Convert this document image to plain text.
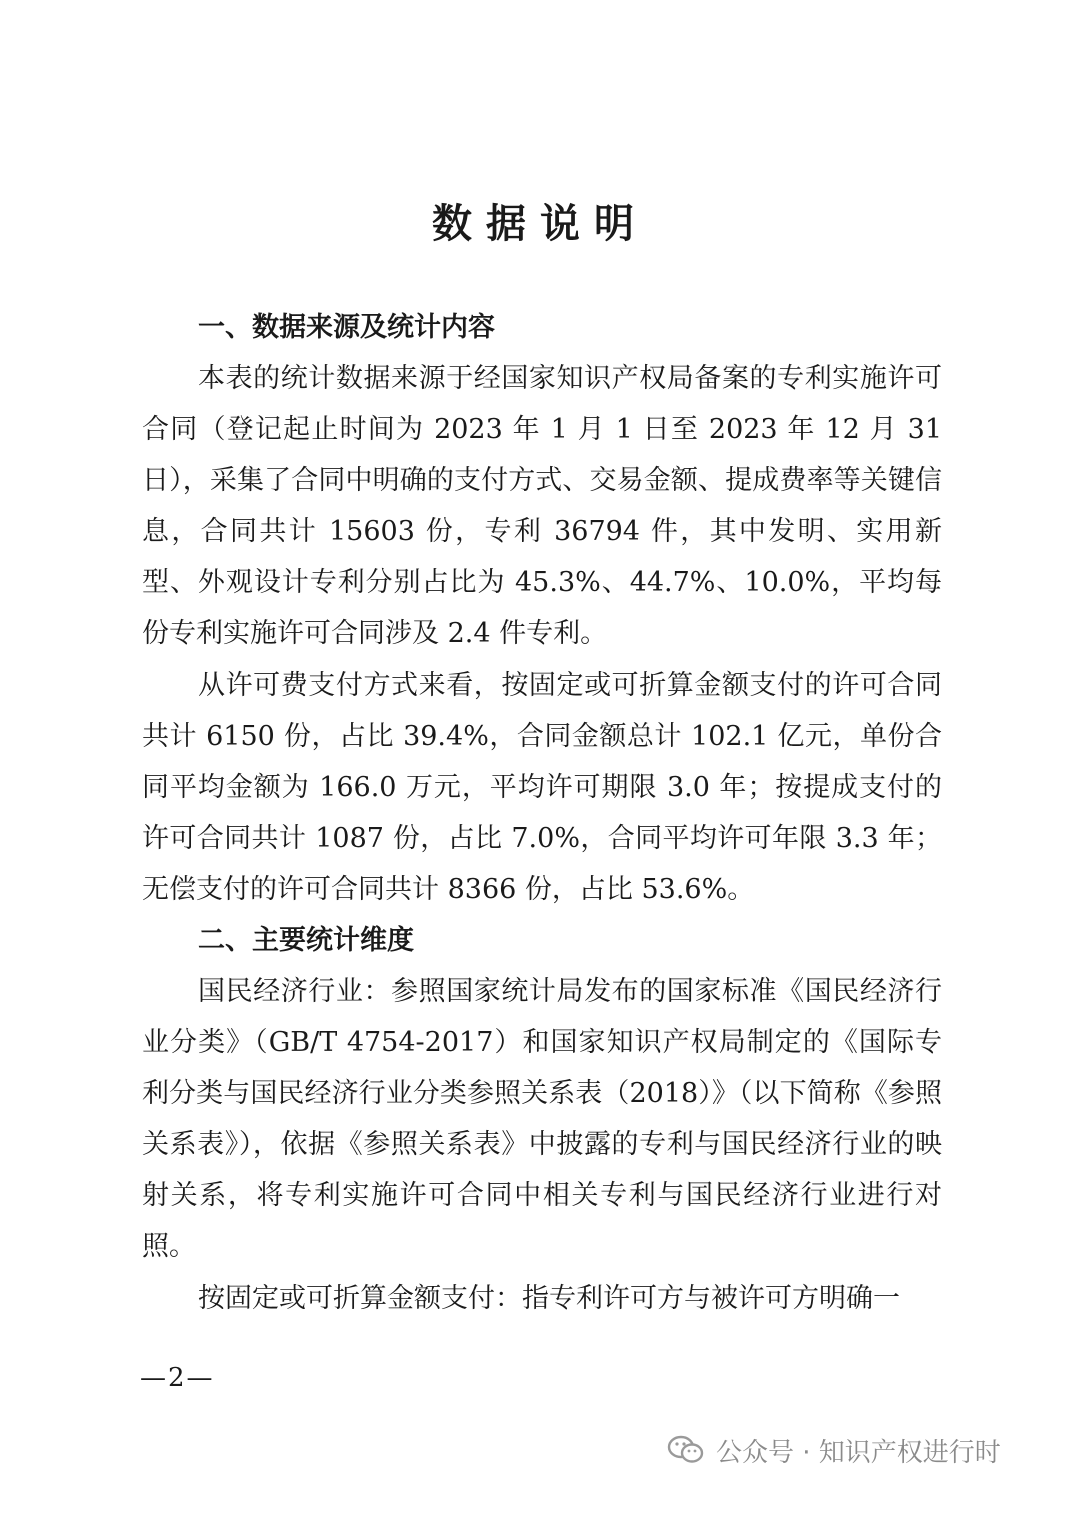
数据说明
一、数据来源及统计内容
本表的统计数据来源于经国家知识产权局备案的专利实施许可合同（登记起止时间为 2023 年 1 月 1 日至 2023 年 12 月 31 日），采集了合同中明确的支付方式、交易金额、提成费率等关键信息，合同共计 15603 份，专利 36794 件，其中发明、实用新型、外观设计专利分别占比为 45.3%、44.7%、10.0%，平均每份专利实施许可合同涉及 2.4 件专利。
从许可费支付方式来看，按固定或可折算金额支付的许可合同共计 6150 份，占比 39.4%，合同金额总计 102.1 亿元，单份合同平均金额为 166.0 万元，平均许可期限 3.0 年；按提成支付的许可合同共计 1087 份，占比 7.0%，合同平均许可年限 3.3 年；无偿支付的许可合同共计 8366 份，占比 53.6%。
二、主要统计维度
国民经济行业：参照国家统计局发布的国家标准《国民经济行业分类》（GB/T 4754-2017）和国家知识产权局制定的《国际专利分类与国民经济行业分类参照关系表（2018）》（以下简称《参照关系表》），依据《参照关系表》中披露的专利与国民经济行业的映射关系，将专利实施许可合同中相关专利与国民经济行业进行对照。
按固定或可折算金额支付：指专利许可方与被许可方明确一
—2—
公众号 · 知识产权进行时
